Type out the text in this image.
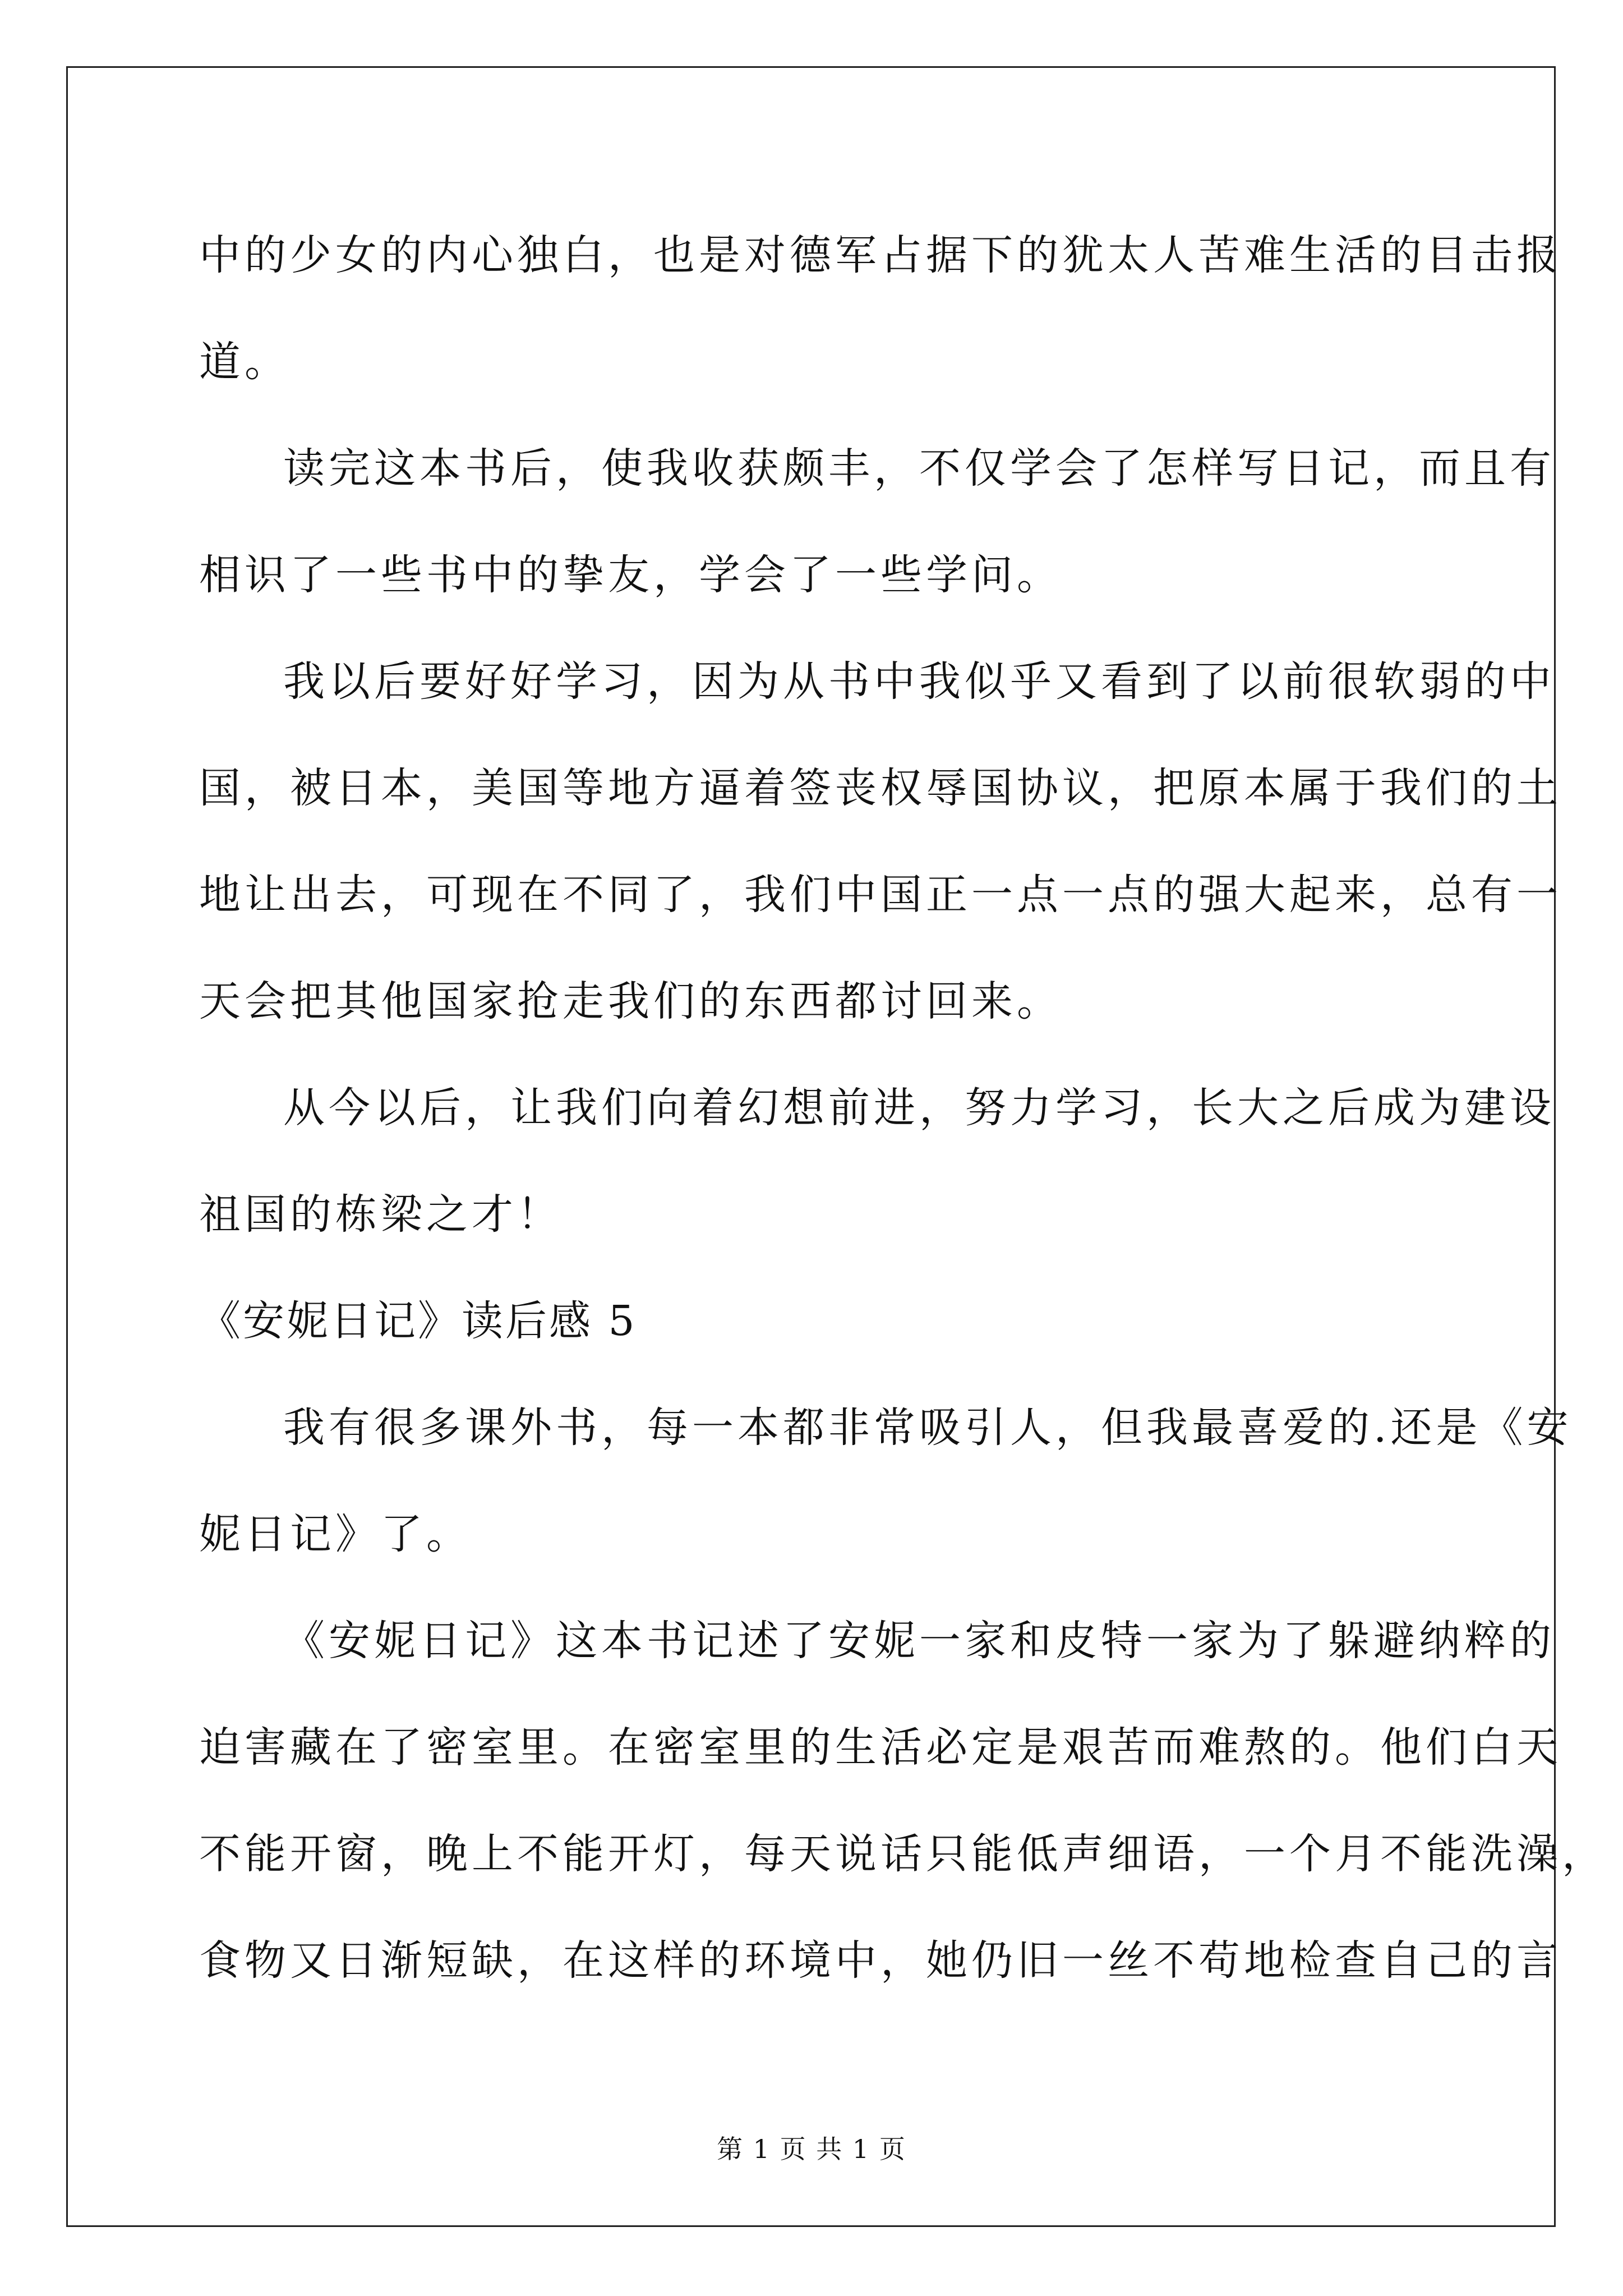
中的少女的内心独白，也是对德军占据下的犹太人苦难生活的目击报
道。
读完这本书后，使我收获颇丰，不仅学会了怎样写日记，而且有
相识了一些书中的挚友，学会了一些学问。
我以后要好好学习，因为从书中我似乎又看到了以前很软弱的中
国，被日本，美国等地方逼着签丧权辱国协议，把原本属于我们的土
地让出去，可现在不同了，我们中国正一点一点的强大起来，总有一
天会把其他国家抢走我们的东西都讨回来。
从今以后，让我们向着幻想前进，努力学习，长大之后成为建设
祖国的栋梁之才！
《安妮日记》读后感 5
我有很多课外书，每一本都非常吸引人，但我最喜爱的.还是《安
妮日记》了。
《安妮日记》这本书记述了安妮一家和皮特一家为了躲避纳粹的
迫害藏在了密室里。在密室里的生活必定是艰苦而难熬的。他们白天
不能开窗，晚上不能开灯，每天说话只能低声细语，一个月不能洗澡，
食物又日渐短缺，在这样的环境中，她仍旧一丝不苟地检查自己的言
第 1 页 共 1 页
